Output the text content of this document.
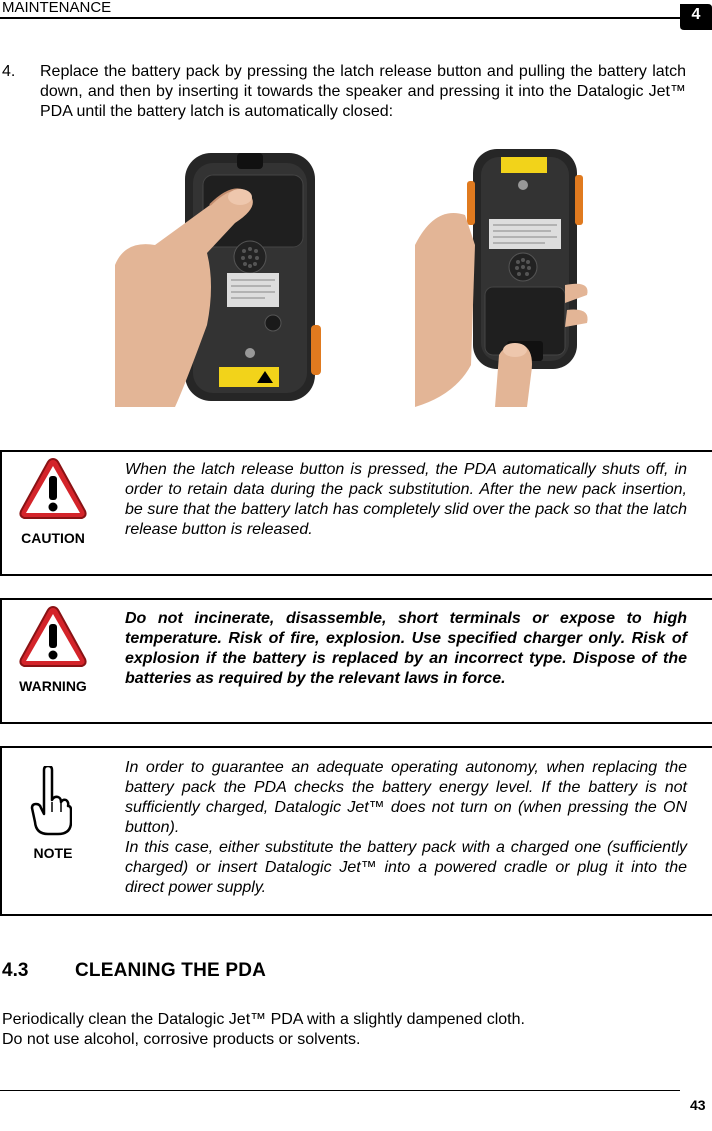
MAINTENANCE	4
4. Replace the battery pack by pressing the latch release button and pulling the battery latch down, and then by inserting it towards the speaker and pressing it into the Datalogic Jet™ PDA until the battery latch is automatically closed:
CAUTION
When the latch release button is pressed, the PDA automatically shuts off, in order to retain data during the pack substitution. After the new pack insertion, be sure that the battery latch has completely slid over the pack so that the latch release button is released.
WARNING
Do not incinerate, disassemble, short terminals or expose to high temperature. Risk of fire, explosion. Use specified charger only. Risk of explosion if the battery is replaced by an incorrect type. Dispose of the batteries as required by the relevant laws in force.
NOTE

In order to guarantee an adequate operating autonomy, when replacing the battery pack the PDA checks the battery energy level. If the battery is not sufficiently charged, Datalogic Jet™ does not turn on (when pressing the ON button).

In this case, either substitute the battery pack with a charged one (sufficiently charged) or insert Datalogic Jet™ into a powered cradle or plug it into the direct power supply.

4.3 CLEANING THE PDA
Periodically clean the Datalogic Jet™ PDA with a slightly dampened cloth.
Do not use alcohol, corrosive products or solvents.
43
